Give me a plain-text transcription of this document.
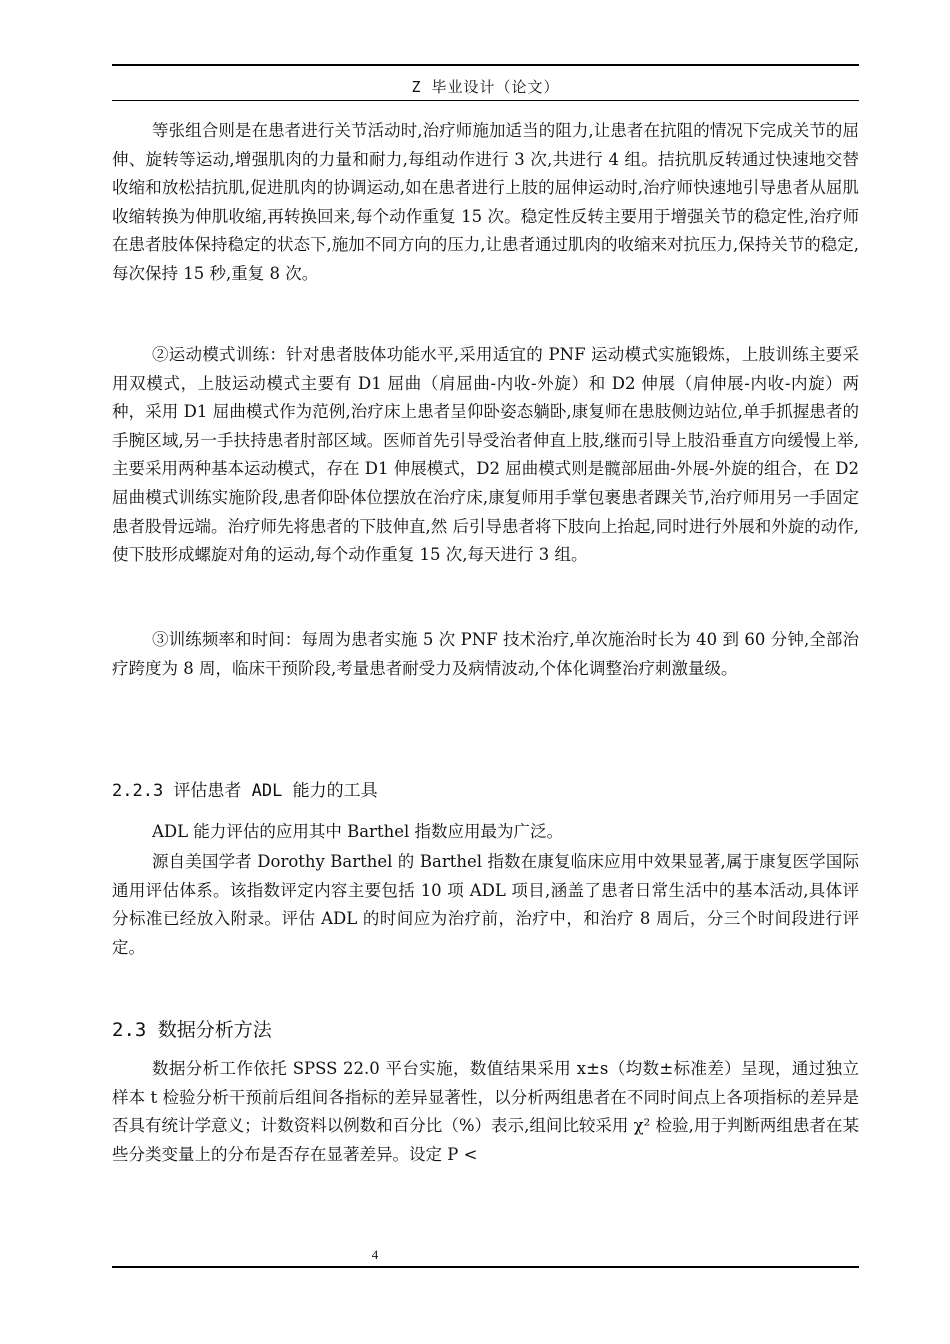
Z 毕业设计（论文）

等张组合则是在患者进行关节活动时,治疗师施加适当的阻力,让患者在抗阻的情况下完成关节的屈伸、旋转等运动,增强肌肉的力量和耐力,每组动作进行 3 次,共进行 4 组。拮抗肌反转通过快速地交替收缩和放松拮抗肌,促进肌肉的协调运动,如在患者进行上肢的屈伸运动时,治疗师快速地引导患者从屈肌收缩转换为伸肌收缩,再转换回来,每个动作重复 15 次。稳定性反转主要用于增强关节的稳定性,治疗师在患者肢体保持稳定的状态下,施加不同方向的压力,让患者通过肌肉的收缩来对抗压力,保持关节的稳定,每次保持 15 秒,重复 8 次。

②运动模式训练：针对患者肢体功能水平,采用适宜的 PNF 运动模式实施锻炼，上肢训练主要采用双模式，上肢运动模式主要有 D1 屈曲（肩屈曲-内收-外旋）和 D2 伸展（肩伸展-内收-内旋）两种，采用 D1 屈曲模式作为范例,治疗床上患者呈仰卧姿态躺卧,康复师在患肢侧边站位,单手抓握患者的手腕区域,另一手扶持患者肘部区域。医师首先引导受治者伸直上肢,继而引导上肢沿垂直方向缓慢上举,主要采用两种基本运动模式，存在 D1 伸展模式，D2 屈曲模式则是髋部屈曲-外展-外旋的组合，在 D2 屈曲模式训练实施阶段,患者仰卧体位摆放在治疗床,康复师用手掌包裹患者踝关节,治疗师用另一手固定患者股骨远端。治疗师先将患者的下肢伸直,然 后引导患者将下肢向上抬起,同时进行外展和外旋的动作,使下肢形成螺旋对角的运动,每个动作重复 15 次,每天进行 3 组。

③训练频率和时间：每周为患者实施 5 次 PNF 技术治疗,单次施治时长为 40 到 60 分钟,全部治疗跨度为 8 周，临床干预阶段,考量患者耐受力及病情波动,个体化调整治疗刺激量级。

2.2.3 评估患者 ADL 能力的工具

ADL 能力评估的应用其中 Barthel 指数应用最为广泛。

源自美国学者 Dorothy Barthel 的 Barthel 指数在康复临床应用中效果显著,属于康复医学国际通用评估体系。该指数评定内容主要包括 10 项 ADL 项目,涵盖了患者日常生活中的基本活动,具体评分标准已经放入附录。评估 ADL 的时间应为治疗前，治疗中，和治疗 8 周后，分三个时间段进行评定。

2.3 数据分析方法

数据分析工作依托 SPSS 22.0 平台实施，数值结果采用 x±s（均数±标准差）呈现，通过独立样本 t 检验分析干预前后组间各指标的差异显著性，以分析两组患者在不同时间点上各项指标的差异是否具有统计学意义；计数资料以例数和百分比（%）表示,组间比较采用 χ² 检验,用于判断两组患者在某些分类变量上的分布是否存在显著差异。设定 P <

4
